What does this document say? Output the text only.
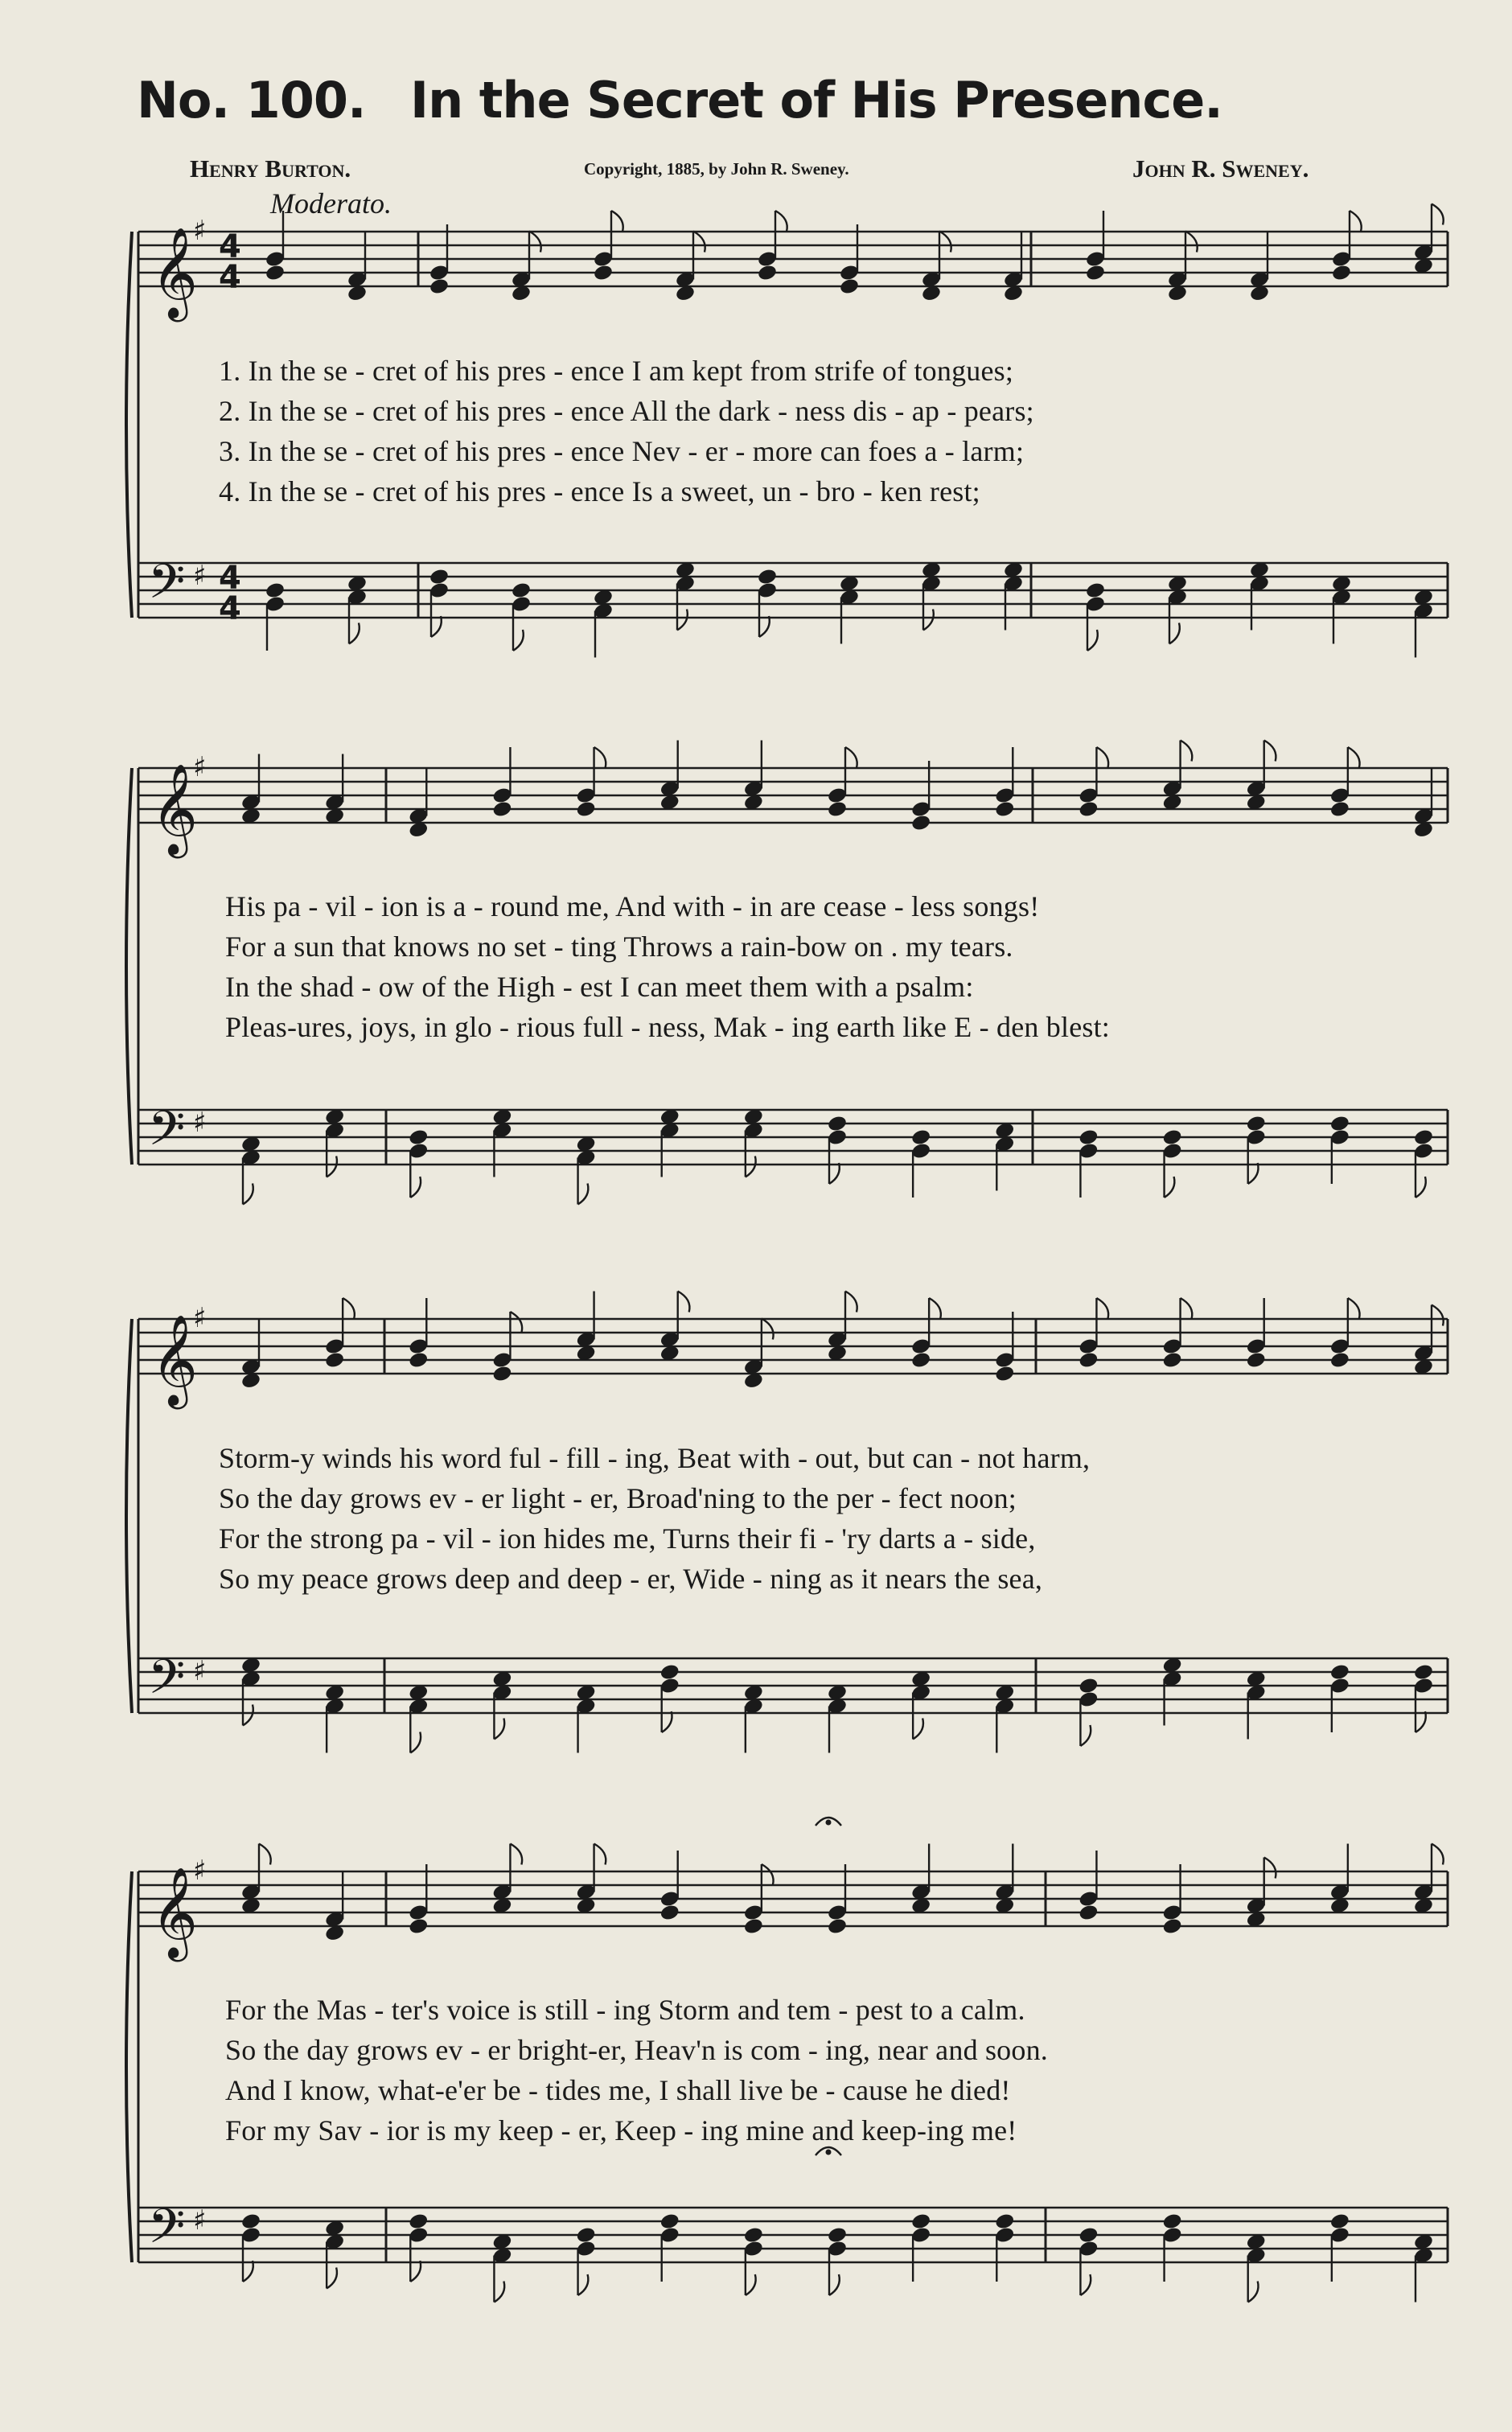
No. 100. In the Secret of His Presence.
Henry Burton.	Copyright, 1885, by John R. Sweney.	John R. Sweney.
Moderato.
𝄞
♯ 4
4
𝄢 ♯ 4
4
𝄞
♯
𝄢 ♯
𝄞
♯
𝄢 ♯
𝄞
♯
𝄢 ♯
1. In the se - cret of his pres - ence I am kept from strife of tongues;
2. In the se - cret of his pres - ence All the dark - ness dis - ap - pears;
3. In the se - cret of his pres - ence Nev - er - more can foes a - larm;
4. In the se - cret of his pres - ence Is a sweet, un - bro - ken rest;
His pa - vil - ion is a - round me, And with - in are cease - less songs!
For a sun that knows no set - ting Throws a rain-bow on . my tears.
In the shad - ow of the High - est I can meet them with a psalm:
Pleas-ures, joys, in glo - rious full - ness, Mak - ing earth like E - den blest:
Storm-y winds his word ful - fill - ing, Beat with - out, but can - not harm,
So the day grows ev - er light - er, Broad'ning to the per - fect noon;
For the strong pa - vil - ion hides me, Turns their fi - 'ry darts a - side,
So my peace grows deep and deep - er, Wide - ning as it nears the sea,
For the Mas - ter's voice is still - ing Storm and tem - pest to a calm.
So the day grows ev - er bright-er, Heav'n is com - ing, near and soon.
And I know, what-e'er be - tides me, I shall live be - cause he died!
For my Sav - ior is my keep - er, Keep - ing mine and keep-ing me!
